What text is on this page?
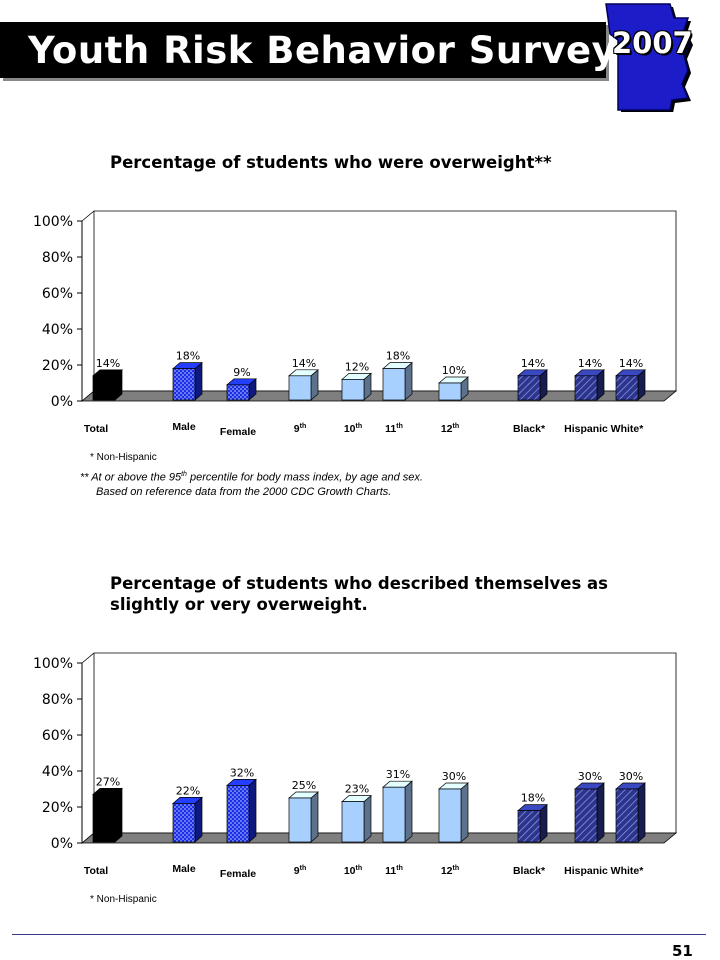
Youth Risk Behavior Survey
2007
Percentage of students who were overweight**
0%
20%
40%
60%
80%
100%
14%
18%
9%
14%	12%
18%
10%
14%	14% 14%
Total	Male Female	9th	10th 11th	12th	Black* Hispanic White*
* Non-Hispanic
** At or above the 95th percentile for body mass index, by age and sex.
Based on reference data from the 2000 CDC Growth Charts.
Percentage of students who described themselves as
slightly or very overweight.
0%
20%
40%
60%
80%
100%
27%
22%
32%
25%	23%
31%	30%
18%
30% 30%
Total	Male Female	9th	10th 11th	12th	Black* Hispanic White*
* Non-Hispanic
51
